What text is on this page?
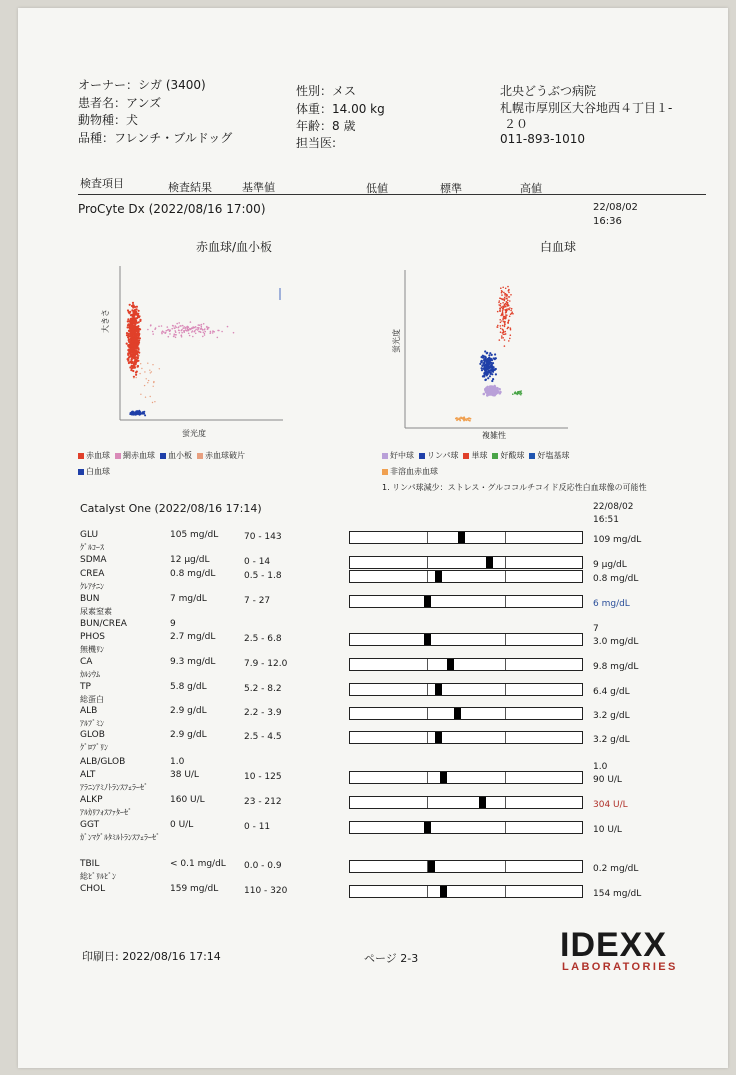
オーナー：シガ (3400)
患者名：アンズ
動物種：犬
品種：フレンチ・ブルドッグ
性別：メス
体重：14.00 kg
年齢：8 歳
担当医:
北央どうぶつ病院
札幌市厚別区大谷地西４丁目１-
２０
011-893-1010
検査項目	検査結果	基準値	低値	標準	高値
ProCyte Dx (2022/08/16 17:00)	22/08/02
16:36
赤血球/血小板	白血球
大きさ
蛍光度
蛍光度
複雑性
赤血球 網赤血球 血小板 赤血球破片白血球
好中球 リンパ球 単球 好酸球 好塩基球非溶血赤血球
1. リンパ球減少：ストレス・グルココルチコイド反応性白血球像の可能性
Catalyst One (2022/08/16 17:14)	22/08/02
16:51
GLU
ｸﾞﾙｺｰｽ
105 mg/dL	70 - 143	109 mg/dL
SDMA	12 μg/dL	0 - 14	9 μg/dL
CREA
ｸﾚｱﾁﾆﾝ
0.8 mg/dL	0.5 - 1.8	0.8 mg/dL
BUN
尿素窒素
7 mg/dL	7 - 27	6 mg/dL
BUN/CREA	9	7
PHOS
無機ﾘﾝ
2.7 mg/dL	2.5 - 6.8	3.0 mg/dL
CA
ｶﾙｼｳﾑ
9.3 mg/dL	7.9 - 12.0	9.8 mg/dL
TP
総蛋白
5.8 g/dL	5.2 - 8.2	6.4 g/dL
ALB
ｱﾙﾌﾞﾐﾝ
2.9 g/dL	2.2 - 3.9	3.2 g/dL
GLOB
ｸﾞﾛﾌﾞﾘﾝ
2.9 g/dL	2.5 - 4.5	3.2 g/dL
ALB/GLOB	1.0	1.0
ALT
ｱﾗﾆﾝｱﾐﾉﾄﾗﾝｽﾌｪﾗｰｾﾞ
38 U/L	10 - 125	90 U/L
ALKP
ｱﾙｶﾘﾌｫｽﾌｧﾀｰｾﾞ
160 U/L	23 - 212	304 U/L
GGT
ｶﾞﾝﾏｸﾞﾙﾀﾐﾙﾄﾗﾝｽﾌｪﾗｰｾﾞ
0 U/L	0 - 11	10 U/L
TBIL
総ﾋﾞﾘﾙﾋﾞﾝ
< 0.1 mg/dL 0.0 - 0.9	0.2 mg/dL
CHOL	159 mg/dL	110 - 320	154 mg/dL
印刷日: 2022/08/16 17:14	ページ 2-3	IDEXX
LABORATORIES
